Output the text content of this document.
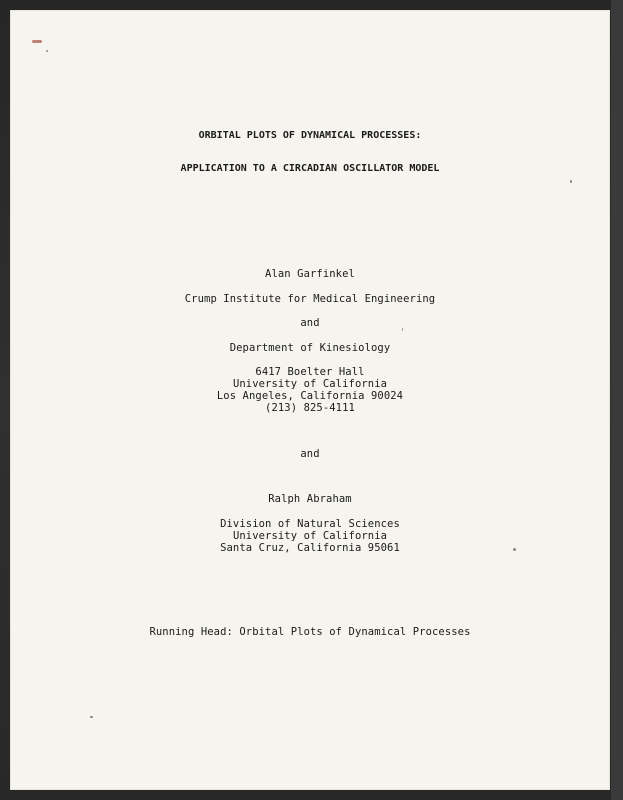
ORBITAL PLOTS OF DYNAMICAL PROCESSES:
APPLICATION TO A CIRCADIAN OSCILLATOR MODEL
Alan Garfinkel
Crump Institute for Medical Engineering
and
Department of Kinesiology
6417 Boelter Hall
University of California
Los Angeles, California 90024
(213) 825-4111
and
Ralph Abraham
Division of Natural Sciences
University of California
Santa Cruz, California 95061
Running Head: Orbital Plots of Dynamical Processes
